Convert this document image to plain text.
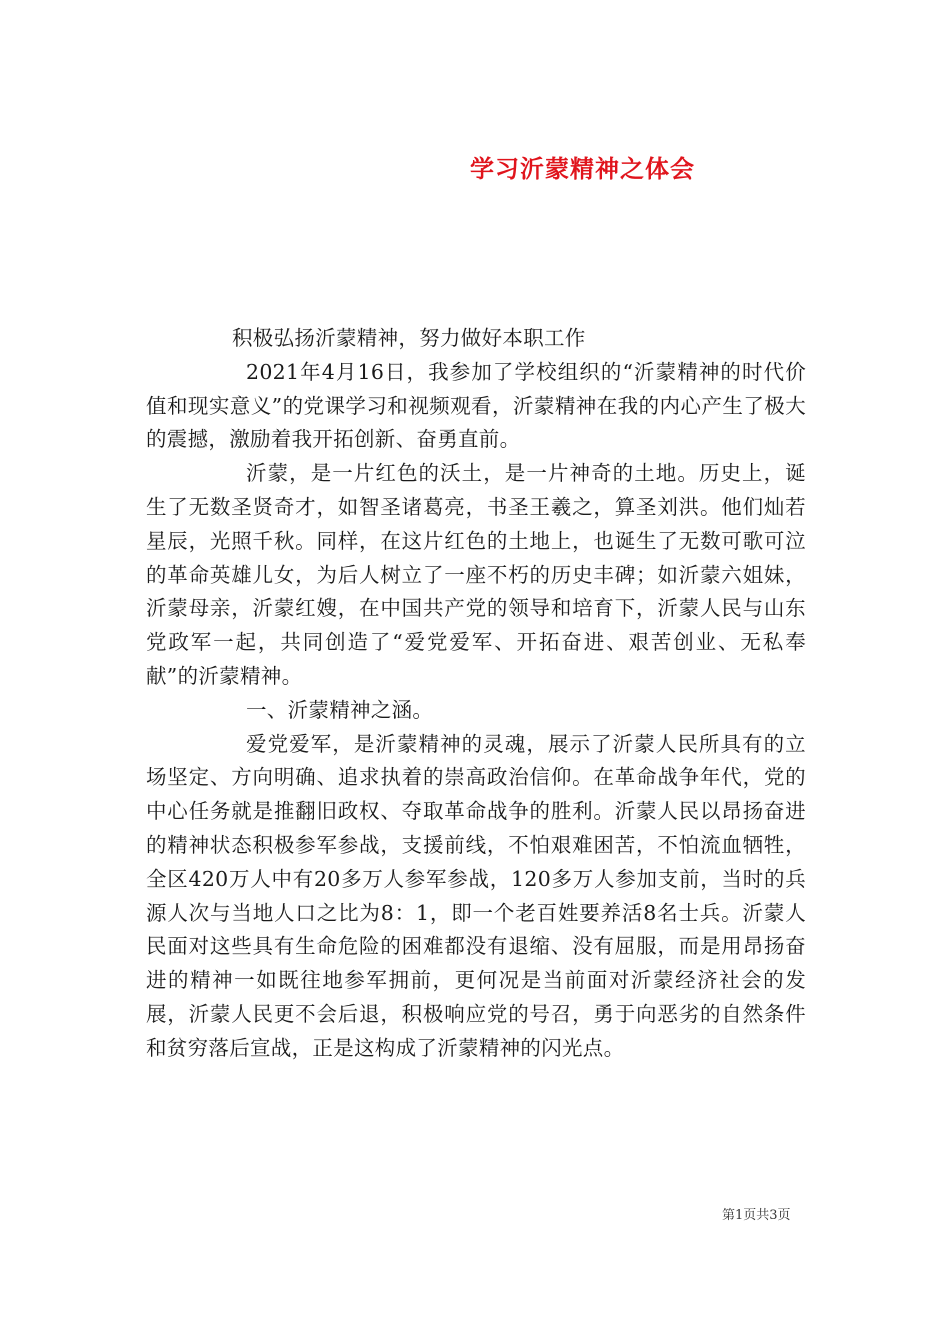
学习沂蒙精神之体会

积极弘扬沂蒙精神，努力做好本职工作

2021年4月16日，我参加了学校组织的“沂蒙精神的时代价值和现实意义”的党课学习和视频观看，沂蒙精神在我的内心产生了极大的震撼，激励着我开拓创新、奋勇直前。

沂蒙，是一片红色的沃土，是一片神奇的土地。历史上，诞生了无数圣贤奇才，如智圣诸葛亮，书圣王羲之，算圣刘洪。他们灿若星辰，光照千秋。同样，在这片红色的土地上，也诞生了无数可歌可泣的革命英雄儿女，为后人树立了一座不朽的历史丰碑；如沂蒙六姐妹，沂蒙母亲，沂蒙红嫂，在中国共产党的领导和培育下，沂蒙人民与山东党政军一起，共同创造了“爱党爱军、开拓奋进、艰苦创业、无私奉献”的沂蒙精神。

一、沂蒙精神之涵。

爱党爱军，是沂蒙精神的灵魂，展示了沂蒙人民所具有的立场坚定、方向明确、追求执着的崇高政治信仰。在革命战争年代，党的中心任务就是推翻旧政权、夺取革命战争的胜利。沂蒙人民以昂扬奋进的精神状态积极参军参战，支援前线，不怕艰难困苦，不怕流血牺牲，全区420万人中有20多万人参军参战，120多万人参加支前，当时的兵源人次与当地人口之比为8：1，即一个老百姓要养活8名士兵。沂蒙人民面对这些具有生命危险的困难都没有退缩、没有屈服，而是用昂扬奋进的精神一如既往地参军拥前，更何况是当前面对沂蒙经济社会的发展，沂蒙人民更不会后退，积极响应党的号召，勇于向恶劣的自然条件和贫穷落后宣战，正是这构成了沂蒙精神的闪光点。

第1页共3页
